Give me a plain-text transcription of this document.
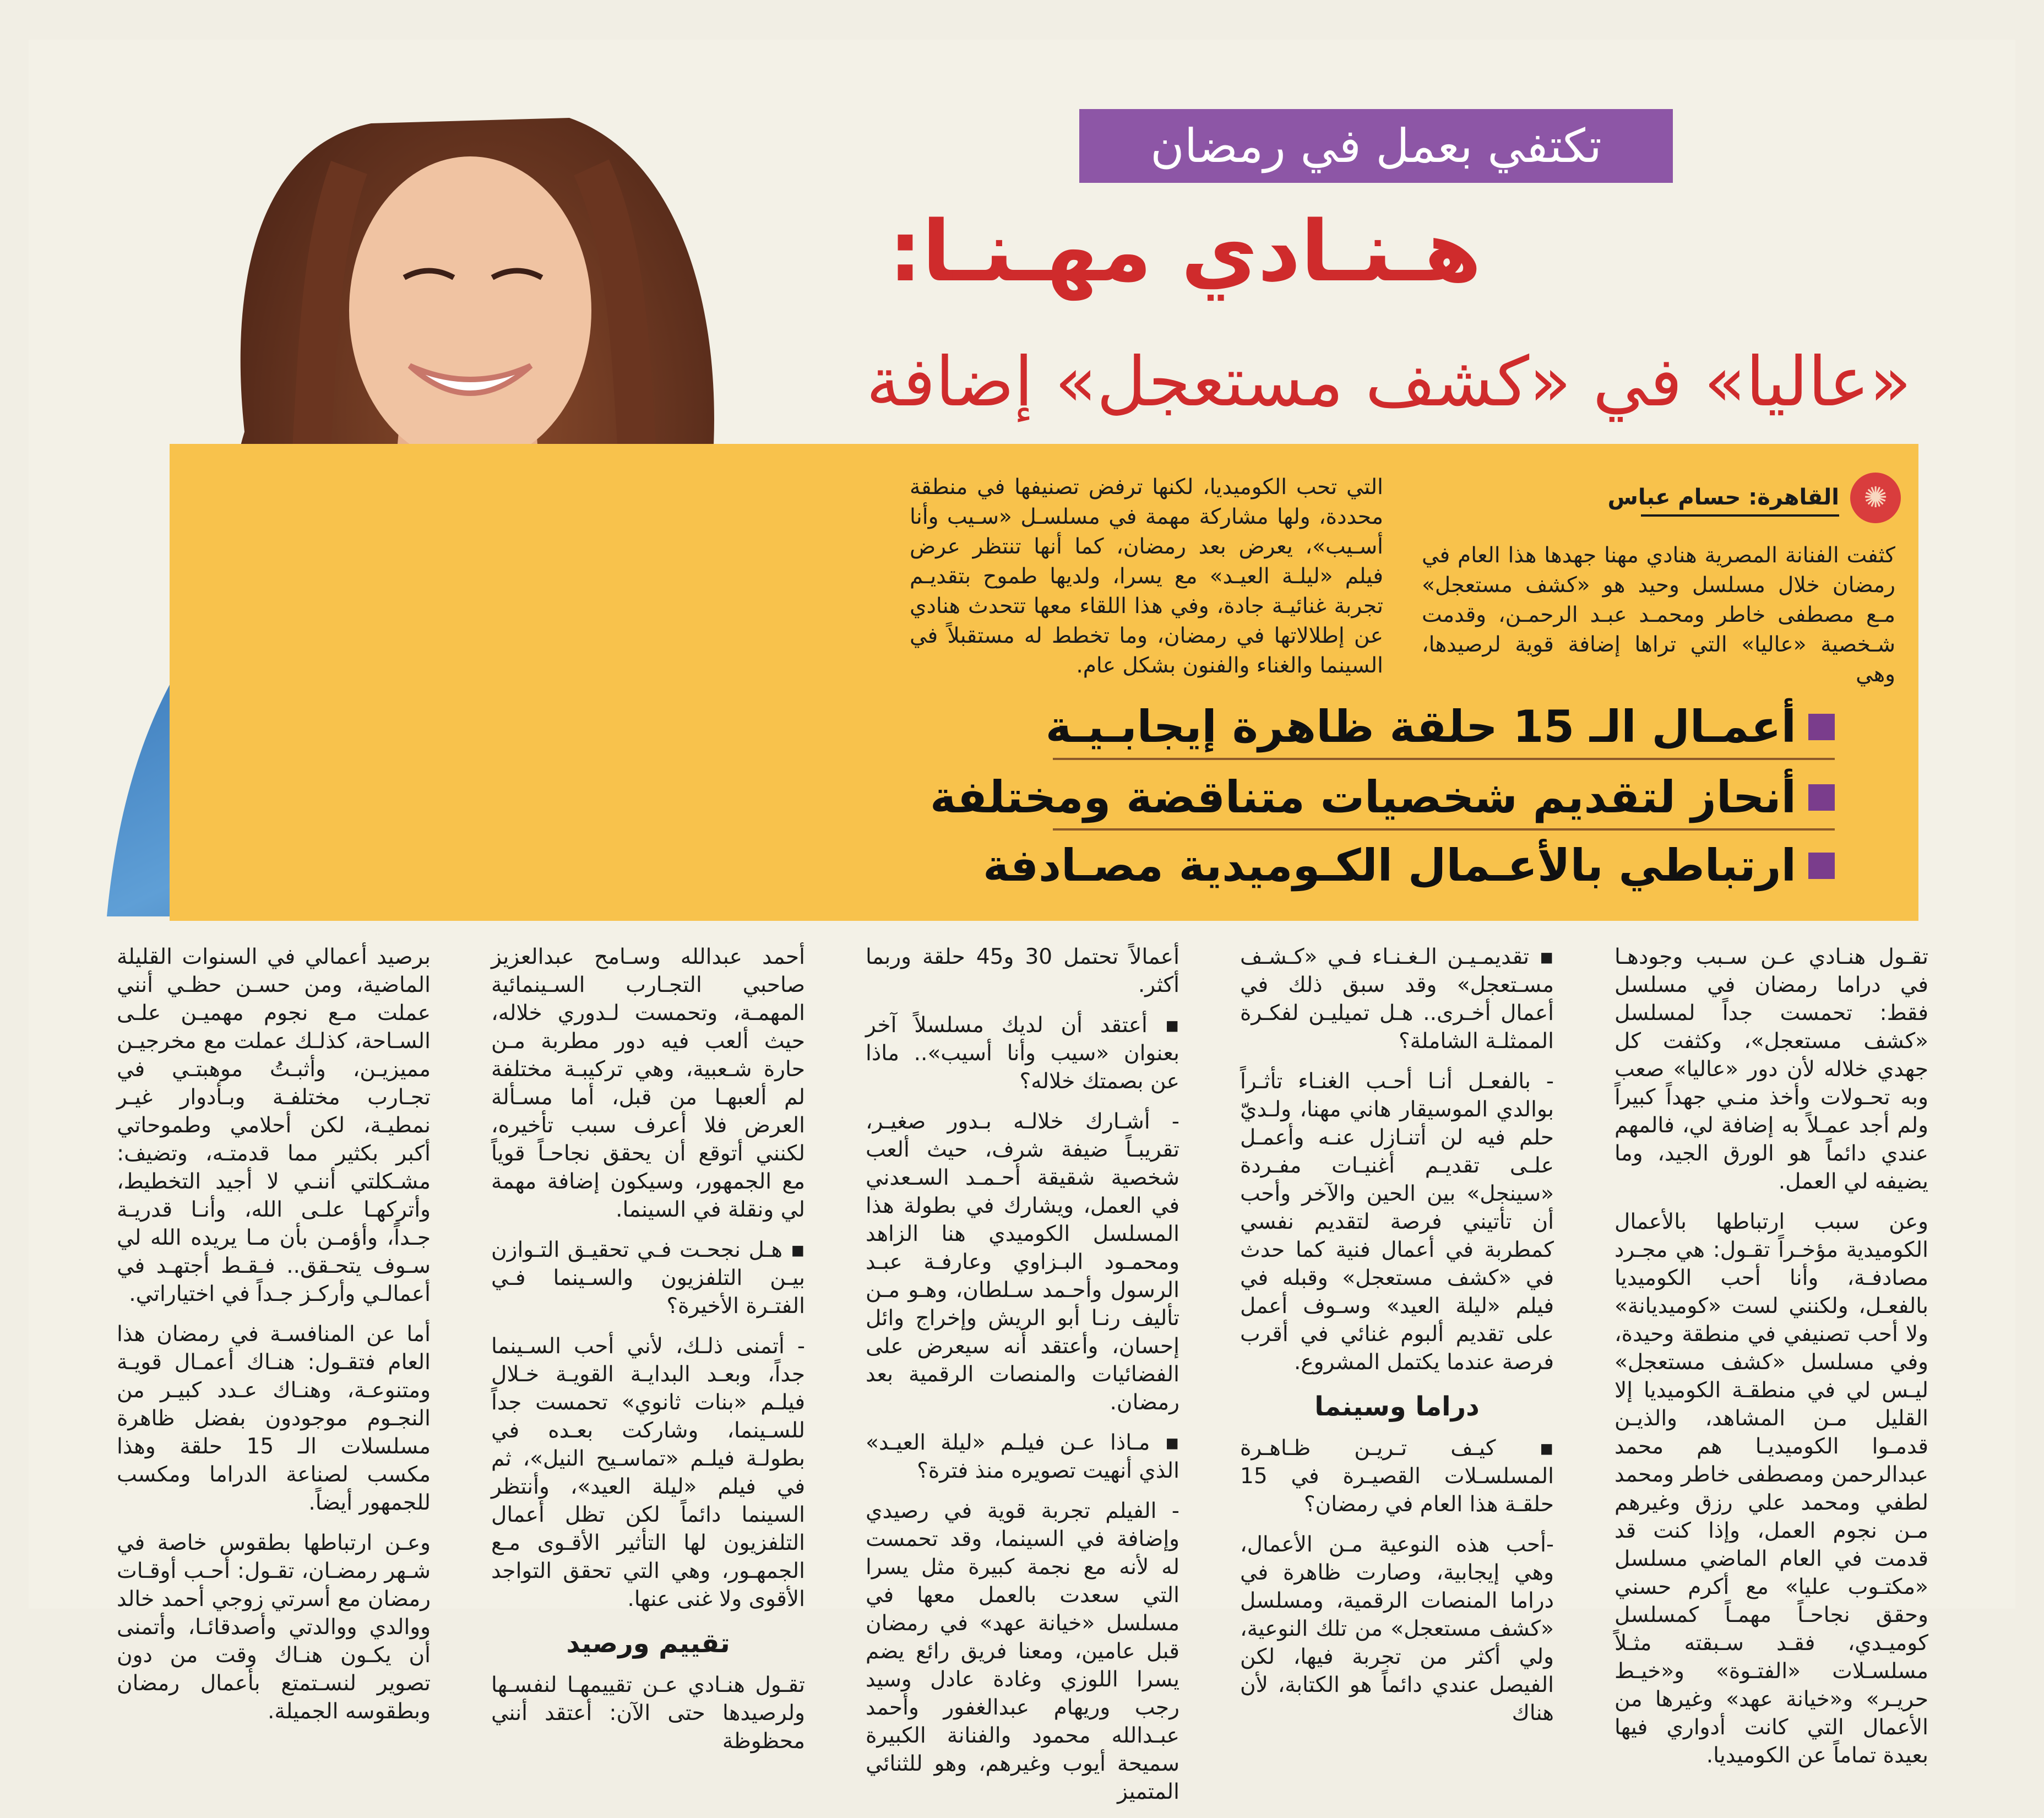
تكتفي بعمل في رمضان
هـنـادي مهـنـا:
«عاليا» في «كشف مستعجل» إضافة
✺
القاهرة: حسام عباس
كثفت الفنانة المصرية هنادي مهنا جهدها هذا العام في رمضان خلال مسلسل وحيد هو «كشف مستعجل» مـع مصطفى خاطر ومحمـد عبـد الرحمـن، وقدمت شـخصية «عاليا» التي تراها إضافة قوية لرصيدها، وهي
التي تحب الكوميديا، لكنها ترفض تصنيفها في منطقة محددة، ولها مشاركة مهمة في مسلسـل «سـيب وأنا أسـيب»، يعرض بعد رمضان، كما أنها تنتظر عرض فيلم «ليلـة العيـد» مع يسرا، ولديها طموح بتقديـم تجربة غنائيـة جادة، وفي هذا اللقاء معها تتحدث هنادي عن إطلالاتها في رمضان، وما تخطط له مستقبلاً في السينما والغناء والفنون بشكل عام.
أعمـال الـ 15 حلقة ظاهرة إيجابـيـة
أنحاز لتقديم شخصيات متناقضة ومختلفة
ارتباطي بالأعـمال الكـوميدية مصـادفة

تقـول هنـادي عـن سـبب وجودهـا في دراما رمضان في مسلسل فقط: تحمست جداً لمسلسل «كشف مستعجل»، وكثفت كل جهدي خلاله لأن دور «عاليا» صعب وبه تحـولات وأخذ منـي جهداً كبيراً ولم أجد عمـلاً به إضافة لي، فالمهم عندي دائماً هو الورق الجيد، وما يضيفه لي العمل.

وعن سبب ارتباطها بالأعمال الكوميدية مؤخـراً تقـول: هي مجـرد مصادفـة، وأنا أحب الكوميديا بالفعـل، ولكنني لست «كوميديانة» ولا أحب تصنيفي في منطقة وحيدة، وفي مسلسل «كشف مستعجل» ليـس لي في منطقـة الكوميديا إلا القليل مـن المشاهد، والذيـن قدمـوا الكوميديـا هم محمد عبدالرحمن ومصطفى خاطر ومحمد لطفي ومحمد علي رزق وغيرهم مـن نجوم العمل، وإذا كنت قد قدمت في العام الماضي مسلسل «مكتـوب عليا» مع أكرم حسني وحقق نجاحـاً مهمـاً كمسلسل كوميـدي، فقـد سـبقته مثـلاً مسلسـلات «الفتـوة» و«خيـط حريـر» و«خيانة عهد» وغيرها من الأعمال التي كانت أدواري فيها بعيدة تماماً عن الكوميديا.

▪ تقديمـيـن الـغـنـاء فـي «كـشـف مسـتعجل» وقد سبق ذلك في أعمال أخـرى.. هـل تميليـن لفكـرة الممثلـة الشاملة؟

- بالفعـل أنـا أحـب الغنـاء تأثـراً بوالدي الموسيقار هاني مهنا، ولـديّ حلم فيه لن أتنـازل عنـه وأعمـل علـى تقديـم أغنيـات مفـردة «سينجل» بين الحين والآخر وأحب أن تأتيني فرصة لتقديم نفسي كمطربة في أعمال فنية كما حدث في «كشف مستعجل» وقبله في فيلم «ليلة العيد» وسـوف أعمل على تقديم ألبوم غنائي في أقرب فرصة عندما يكتمل المشروع.

دراما وسينما

▪ كيـف تـريـن ظـاهـرة المسلسـلات القصيـرة في 15 حلقـة هذا العام في رمضان؟

-أحب هذه النوعية مـن الأعمال، وهي إيجابية، وصارت ظاهرة في دراما المنصات الرقمية، ومسلسل «كشف مستعجل» من تلك النوعية، ولي أكثر من تجربة فيها، لكن الفيصل عندي دائماً هو الكتابة، لأن هناك

أعمالاً تحتمل 30 و45 حلقة وربما أكثر.

▪ أعتقد أن لديك مسلسلاً آخر بعنوان «سيب وأنا أسيب».. ماذا عن بصمتك خلاله؟

- أشـارك خلالـه بـدور صغيـر، تقريبـاً ضيفة شرف، حيث ألعب شخصية شقيقة أحـمـد السـعدني في العمل، ويشارك في بطولة هذا المسلسل الكوميدي هنا الزاهد ومحمـود البـزاوي وعارفـة عبـد الرسول وأحـمد سـلطان، وهـو مـن تأليف رنـا أبو الريش وإخراج وائل إحسان، وأعتقد أنه سيعرض على الفضائيات والمنصات الرقمية بعد رمضان.

▪ مـاذا عـن فيلـم «ليلة العيـد» الذي أنهيت تصويره منذ فترة؟

- الفيلم تجربة قوية في رصيدي وإضافة في السينما، وقد تحمست له لأنه مع نجمة كبيرة مثل يسرا التي سعدت بالعمل معها في مسلسل «خيانة عهد» في رمضان قبل عامين، ومعنا فريق رائع يضم يسرا اللوزي وغادة عادل وسيد رجب وريهام عبدالغفور وأحمد عبـدالله محمود والفنانة الكبيرة سميحة أيوب وغيرهم، وهو للثنائي المتميز

أحمد عبدالله وسـامح عبدالعزيز صاحبي التجـارب السـينمائية المهمـة، وتحمست لـدوري خلاله، حيث ألعب فيه دور مطربة مـن حارة شـعبية، وهي تركيبـة مختلفة لم ألعبهـا من قبل، أما مسـألة العرض فلا أعرف سبب تأخيره، لكنني أتوقع أن يحقق نجاحـاً قوياً مع الجمهور، وسيكون إضافة مهمة لي ونقلة في السينما.

▪ هـل نجحـت فـي تحقيـق التـوازن بيـن التلفزيون والسـينما فـي الفتـرة الأخيرة؟

- أتمنى ذلـك، لأني أحب السـينما جداً، وبعـد البدايـة القويـة خـلال فيلـم «بنات ثانوي» تحمست جداً للسـينما، وشاركت بعـده في بطولـة فيلـم «تماسـيح النيل»، ثم في فيلم «ليلة العيد»، وأنتظر السينما دائماً لكن تظل أعمال التلفزيون لها التأثير الأقـوى مـع الجمهـور، وهي التي تحقق التواجد الأقوى ولا غنى عنها.

تقييم ورصيد

تقـول هنـادي عـن تقييمهـا لنفسـها ولرصيدها حتى الآن: أعتقد أنني محظوظة

برصيد أعمالي في السنوات القليلة الماضية، ومن حسـن حظـي أنني عملت مـع نجوم مهميـن علـى السـاحة، كذلـك عملت مع مخرجيـن مميزيـن، وأثبـتُ موهبتـي في تجـارب مختلفـة وبـأدوار غيـر نمطيـة، لكن أحلامي وطموحاتي أكبر بكثير مما قدمتـه، وتضيف: مشـكلتي أننـي لا أجيد التخطيط، وأتركهـا علـى الله، وأنـا قدريـة جـداً، وأؤمـن بأن مـا يريده الله لي سـوف يتحـقق.. فـقـط أجتهـد في أعمالـي وأركـز جـداً في اختياراتي.

أما عن المنافسـة في رمضان هذا العام فتقـول: هنـاك أعمـال قويـة ومتنوعـة، وهنـاك عـدد كبيـر من النجـوم موجودون بفضل ظاهرة مسلسلات الـ 15 حلقة وهذا مكسب لصناعة الدراما ومكسب للجمهور أيضاً.

وعـن ارتباطها بطقوس خاصة في شـهر رمضـان، تقـول: أحـب أوقـات رمضان مع أسرتي زوجي أحمد خالد ووالدي ووالدتي وأصدقائـا، وأتمنى أن يكـون هنـاك وقت من دون تصوير لنسـتمتع بأعمال رمضان وبطقوسه الجميلة.
